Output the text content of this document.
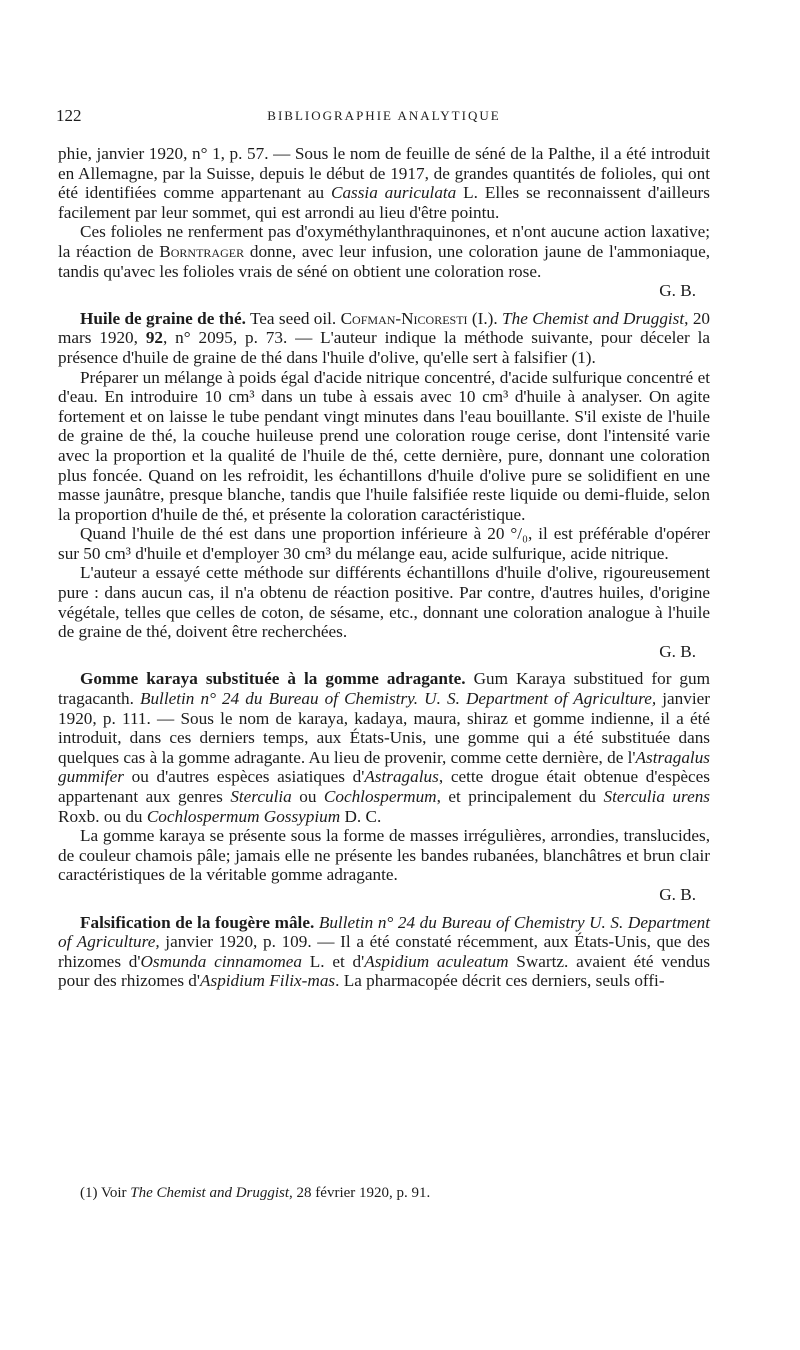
122	BIBLIOGRAPHIE ANALYTIQUE

phie, janvier 1920, n° 1, p. 57. — Sous le nom de feuille de séné de la Palthe, il a été introduit en Allemagne, par la Suisse, depuis le début de 1917, de grandes quantités de folioles, qui ont été identifiées comme appartenant au Cassia auriculata L. Elles se reconnaissent d'ailleurs facilement par leur sommet, qui est arrondi au lieu d'être pointu.

Ces folioles ne renferment pas d'oxyméthylanthraquinones, et n'ont aucune action laxative; la réaction de Borntrager donne, avec leur infusion, une coloration jaune de l'ammoniaque, tandis qu'avec les folioles vrais de séné on obtient une coloration rose.

G. B.

Huile de graine de thé. Tea seed oil. Cofman-Nicoresti (I.). The Chemist and Druggist, 20 mars 1920, 92, n° 2095, p. 73. — L'auteur indique la méthode suivante, pour déceler la présence d'huile de graine de thé dans l'huile d'olive, qu'elle sert à falsifier (1).

Préparer un mélange à poids égal d'acide nitrique concentré, d'acide sulfurique concentré et d'eau. En introduire 10 cm³ dans un tube à essais avec 10 cm³ d'huile à analyser. On agite fortement et on laisse le tube pendant vingt minutes dans l'eau bouillante. S'il existe de l'huile de graine de thé, la couche huileuse prend une coloration rouge cerise, dont l'intensité varie avec la proportion et la qualité de l'huile de thé, cette dernière, pure, donnant une coloration plus foncée. Quand on les refroidit, les échantillons d'huile d'olive pure se solidifient en une masse jaunâtre, presque blanche, tandis que l'huile falsifiée reste liquide ou demi-fluide, selon la proportion d'huile de thé, et présente la coloration caractéristique.

Quand l'huile de thé est dans une proportion inférieure à 20 °/₀, il est préférable d'opérer sur 50 cm³ d'huile et d'employer 30 cm³ du mélange eau, acide sulfurique, acide nitrique.

L'auteur a essayé cette méthode sur différents échantillons d'huile d'olive, rigoureusement pure : dans aucun cas, il n'a obtenu de réaction positive. Par contre, d'autres huiles, d'origine végétale, telles que celles de coton, de sésame, etc., donnant une coloration analogue à l'huile de graine de thé, doivent être recherchées.

G. B.

Gomme karaya substituée à la gomme adragante. Gum Karaya substitued for gum tragacanth. Bulletin n° 24 du Bureau of Chemistry. U. S. Department of Agriculture, janvier 1920, p. 111. — Sous le nom de karaya, kadaya, maura, shiraz et gomme indienne, il a été introduit, dans ces derniers temps, aux États-Unis, une gomme qui a été substituée dans quelques cas à la gomme adragante. Au lieu de provenir, comme cette dernière, de l'Astragalus gummifer ou d'autres espèces asiatiques d'Astragalus, cette drogue était obtenue d'espèces appartenant aux genres Sterculia ou Cochlospermum, et principalement du Sterculia urens Roxb. ou du Cochlospermum Gossypium D. C.

La gomme karaya se présente sous la forme de masses irrégulières, arrondies, translucides, de couleur chamois pâle; jamais elle ne présente les bandes rubanées, blanchâtres et brun clair caractéristiques de la véritable gomme adragante.

G. B.

Falsification de la fougère mâle. Bulletin n° 24 du Bureau of Chemistry U. S. Department of Agriculture, janvier 1920, p. 109. — Il a été constaté récemment, aux États-Unis, que des rhizomes d'Osmunda cinnamomea L. et d'Aspidium aculeatum Swartz. avaient été vendus pour des rhizomes d'Aspidium Filix-mas. La pharmacopée décrit ces derniers, seuls offi-

(1) Voir The Chemist and Druggist, 28 février 1920, p. 91.
